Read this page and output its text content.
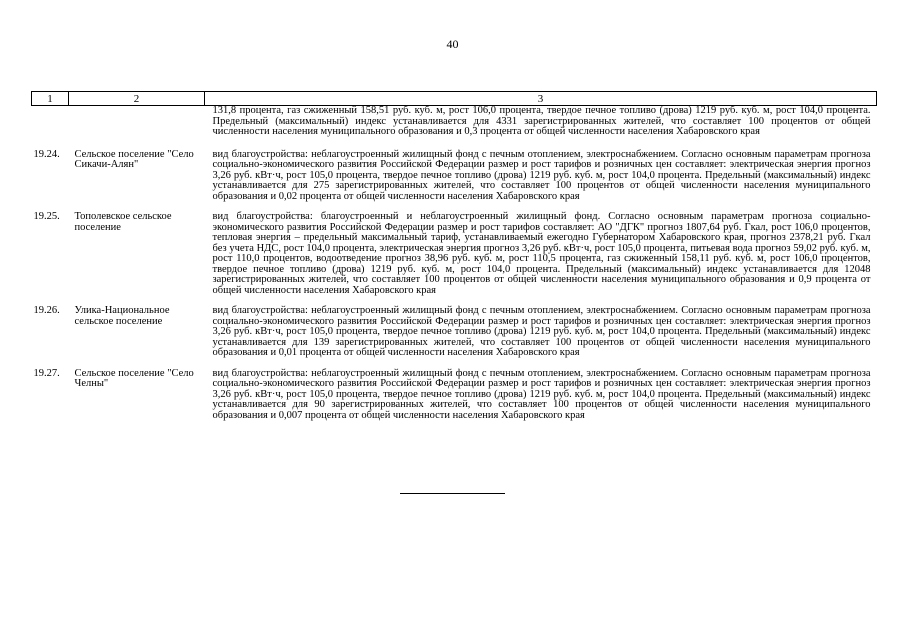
40
1	2	3
		131,8 процента, газ сжиженный 158,51 руб. куб. м, рост 106,0 процента, твердое печное топливо (дрова) 1219 руб. куб. м, рост 104,0 процента. Предельный (максимальный) индекс устанавливается для 4331 зарегистрированных жителей, что составляет 100 процентов от общей численности населения муниципального образования и 0,3 процента от общей численности населения Хабаровского края
19.24.	Сельское поселение "Село Сикачи-Алян"	вид благоустройства: неблагоустроенный жилищный фонд с печным отоплением, электроснабжением. Согласно основным параметрам прогноза социально-экономического развития Российской Федерации размер и рост тарифов и розничных цен составляет: электрическая энергия прогноз 3,26 руб. кВт·ч, рост 105,0 процента, твердое печное топливо (дрова) 1219 руб. куб. м, рост 104,0 процента. Предельный (максимальный) индекс устанавливается для 275 зарегистрированных жителей, что составляет 100 процентов от общей численности населения муниципального образования и 0,02 процента от общей численности населения Хабаровского края
19.25.	Тополевское сельское поселение	вид благоустройства: благоустроенный и неблагоустроенный жилищный фонд. Согласно основным параметрам прогноза социально-экономического развития Российской Федерации размер и рост тарифов составляет: АО "ДГК" прогноз 1807,64 руб. Гкал, рост 106,0 процентов, тепловая энергия – предельный максимальный тариф, устанавливаемый ежегодно Губернатором Хабаровского края, прогноз 2378,21 руб. Гкал без учета НДС, рост 104,0 процента, электрическая энергия прогноз 3,26 руб. кВт·ч, рост 105,0 процента, питьевая вода прогноз 59,02 руб. куб. м, рост 110,0 процентов, водоотведение прогноз 38,96 руб. куб. м, рост 110,5 процента, газ сжиженный 158,11 руб. куб. м, рост 106,0 процентов, твердое печное топливо (дрова) 1219 руб. куб. м, рост 104,0 процента. Предельный (максимальный) индекс устанавливается для 12048 зарегистрированных жителей, что составляет 100 процентов от общей численности населения муниципального образования и 0,9 процента от общей численности населения Хабаровского края
19.26.	Улика-Национальное сельское поселение	вид благоустройства: неблагоустроенный жилищный фонд с печным отоплением, электроснабжением. Согласно основным параметрам прогноза социально-экономического развития Российской Федерации размер и рост тарифов и розничных цен составляет: электрическая энергия прогноз 3,26 руб. кВт·ч, рост 105,0 процента, твердое печное топливо (дрова) 1219 руб. куб. м, рост 104,0 процента. Предельный (максимальный) индекс устанавливается для 139 зарегистрированных жителей, что составляет 100 процентов от общей численности населения муниципального образования и 0,01 процента от общей численности населения Хабаровского края
19.27.	Сельское поселение "Село Челны"	вид благоустройства: неблагоустроенный жилищный фонд с печным отоплением, электроснабжением. Согласно основным параметрам прогноза социально-экономического развития Российской Федерации размер и рост тарифов и розничных цен составляет: электрическая энергия прогноз 3,26 руб. кВт·ч, рост 105,0 процента, твердое печное топливо (дрова) 1219 руб. куб. м, рост 104,0 процента. Предельный (максимальный) индекс устанавливается для 90 зарегистрированных жителей, что составляет 100 процентов от общей численности населения муниципального образования и 0,007 процента от общей численности населения Хабаровского края
